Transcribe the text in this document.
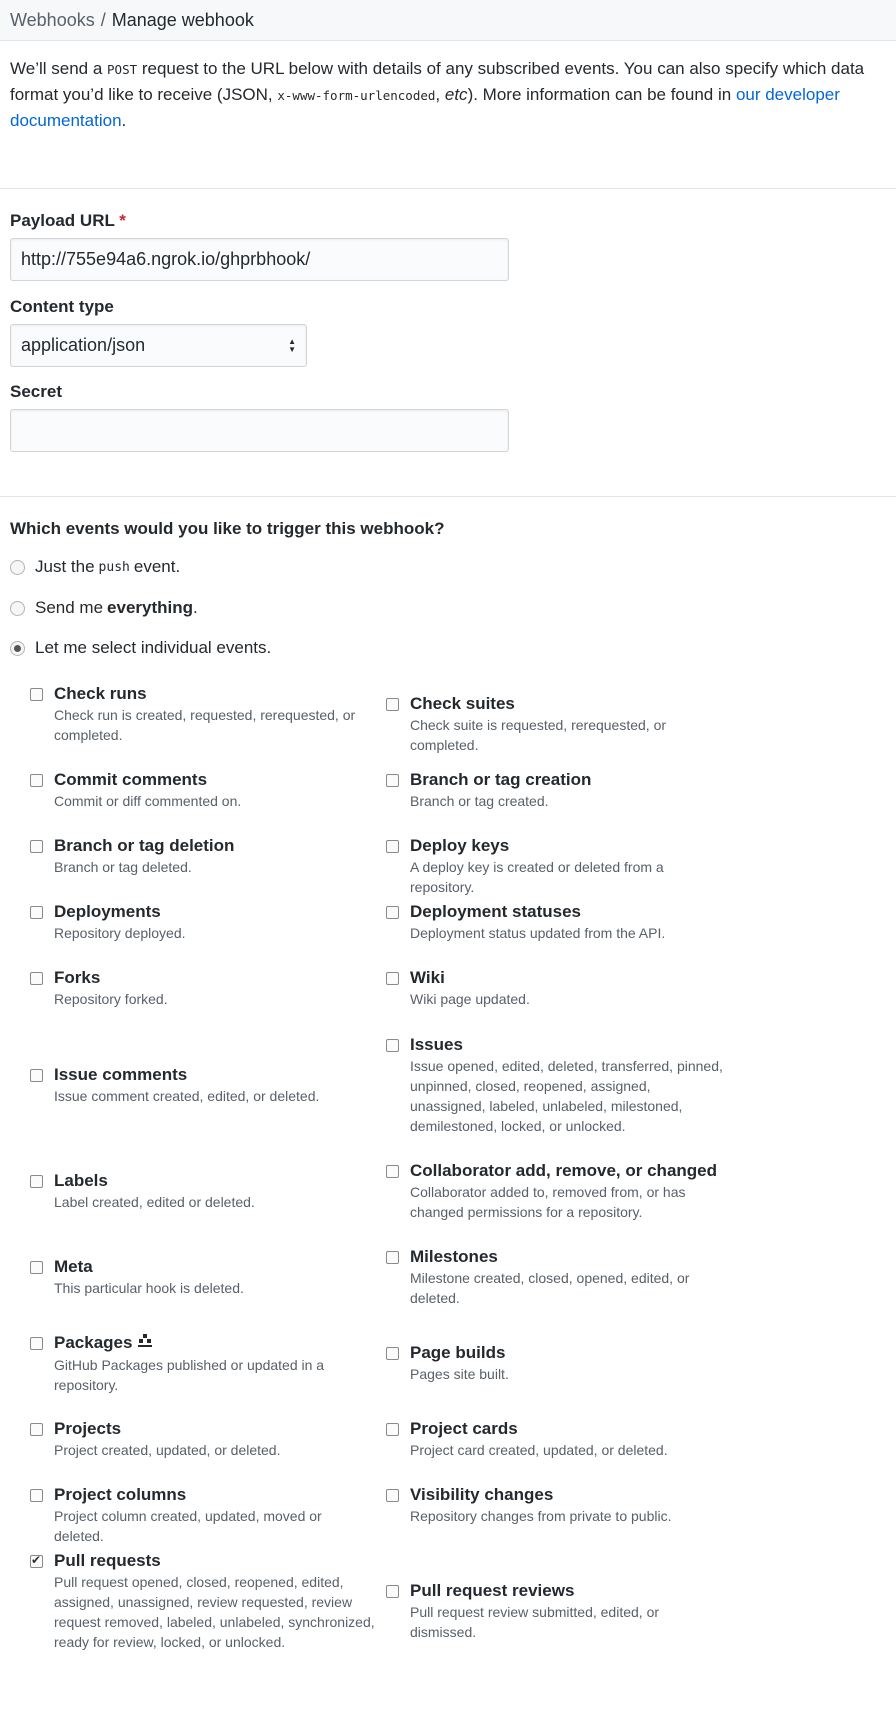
Webhooks / Manage webhook
We’ll send a POST request to the URL below with details of any subscribed events. You can also specify which data format you’d like to receive (JSON, x-www-form-urlencoded, etc). More information can be found in our developer documentation.
Payload URL *
http://755e94a6.ngrok.io/ghprbhook/
Content type
application/json	▲
▼
Secret
Which events would you like to trigger this webhook?
Just the push event.
Send me everything .
Let me select individual events.
Check runs
Check run is created, requested, rerequested, or completed.
Check suites
Check suite is requested, rerequested, or completed.
Commit comments
Commit or diff commented on.
Branch or tag creation
Branch or tag created.
Branch or tag deletion
Branch or tag deleted.
Deploy keys
A deploy key is created or deleted from a repository.
Deployments
Repository deployed.
Deployment statuses
Deployment status updated from the API.
Forks
Repository forked.
Wiki
Wiki page updated.
Issue comments
Issue comment created, edited, or deleted.
Issues
Issue opened, edited, deleted, transferred, pinned, unpinned, closed, reopened, assigned, unassigned, labeled, unlabeled, milestoned, demilestoned, locked, or unlocked.
Labels
Label created, edited or deleted.
Collaborator add, remove, or changed
Collaborator added to, removed from, or has changed permissions for a repository.
Meta
This particular hook is deleted.
Milestones
Milestone created, closed, opened, edited, or deleted.
Packages
GitHub Packages published or updated in a repository.
Page builds
Pages site built.
Projects
Project created, updated, or deleted.
Project cards
Project card created, updated, or deleted.
Project columns
Project column created, updated, moved or deleted.
Visibility changes
Repository changes from private to public.
✔
Pull requests
Pull request opened, closed, reopened, edited, assigned, unassigned, review requested, review request removed, labeled, unlabeled, synchronized, ready for review, locked, or unlocked.
Pull request reviews
Pull request review submitted, edited, or dismissed.
